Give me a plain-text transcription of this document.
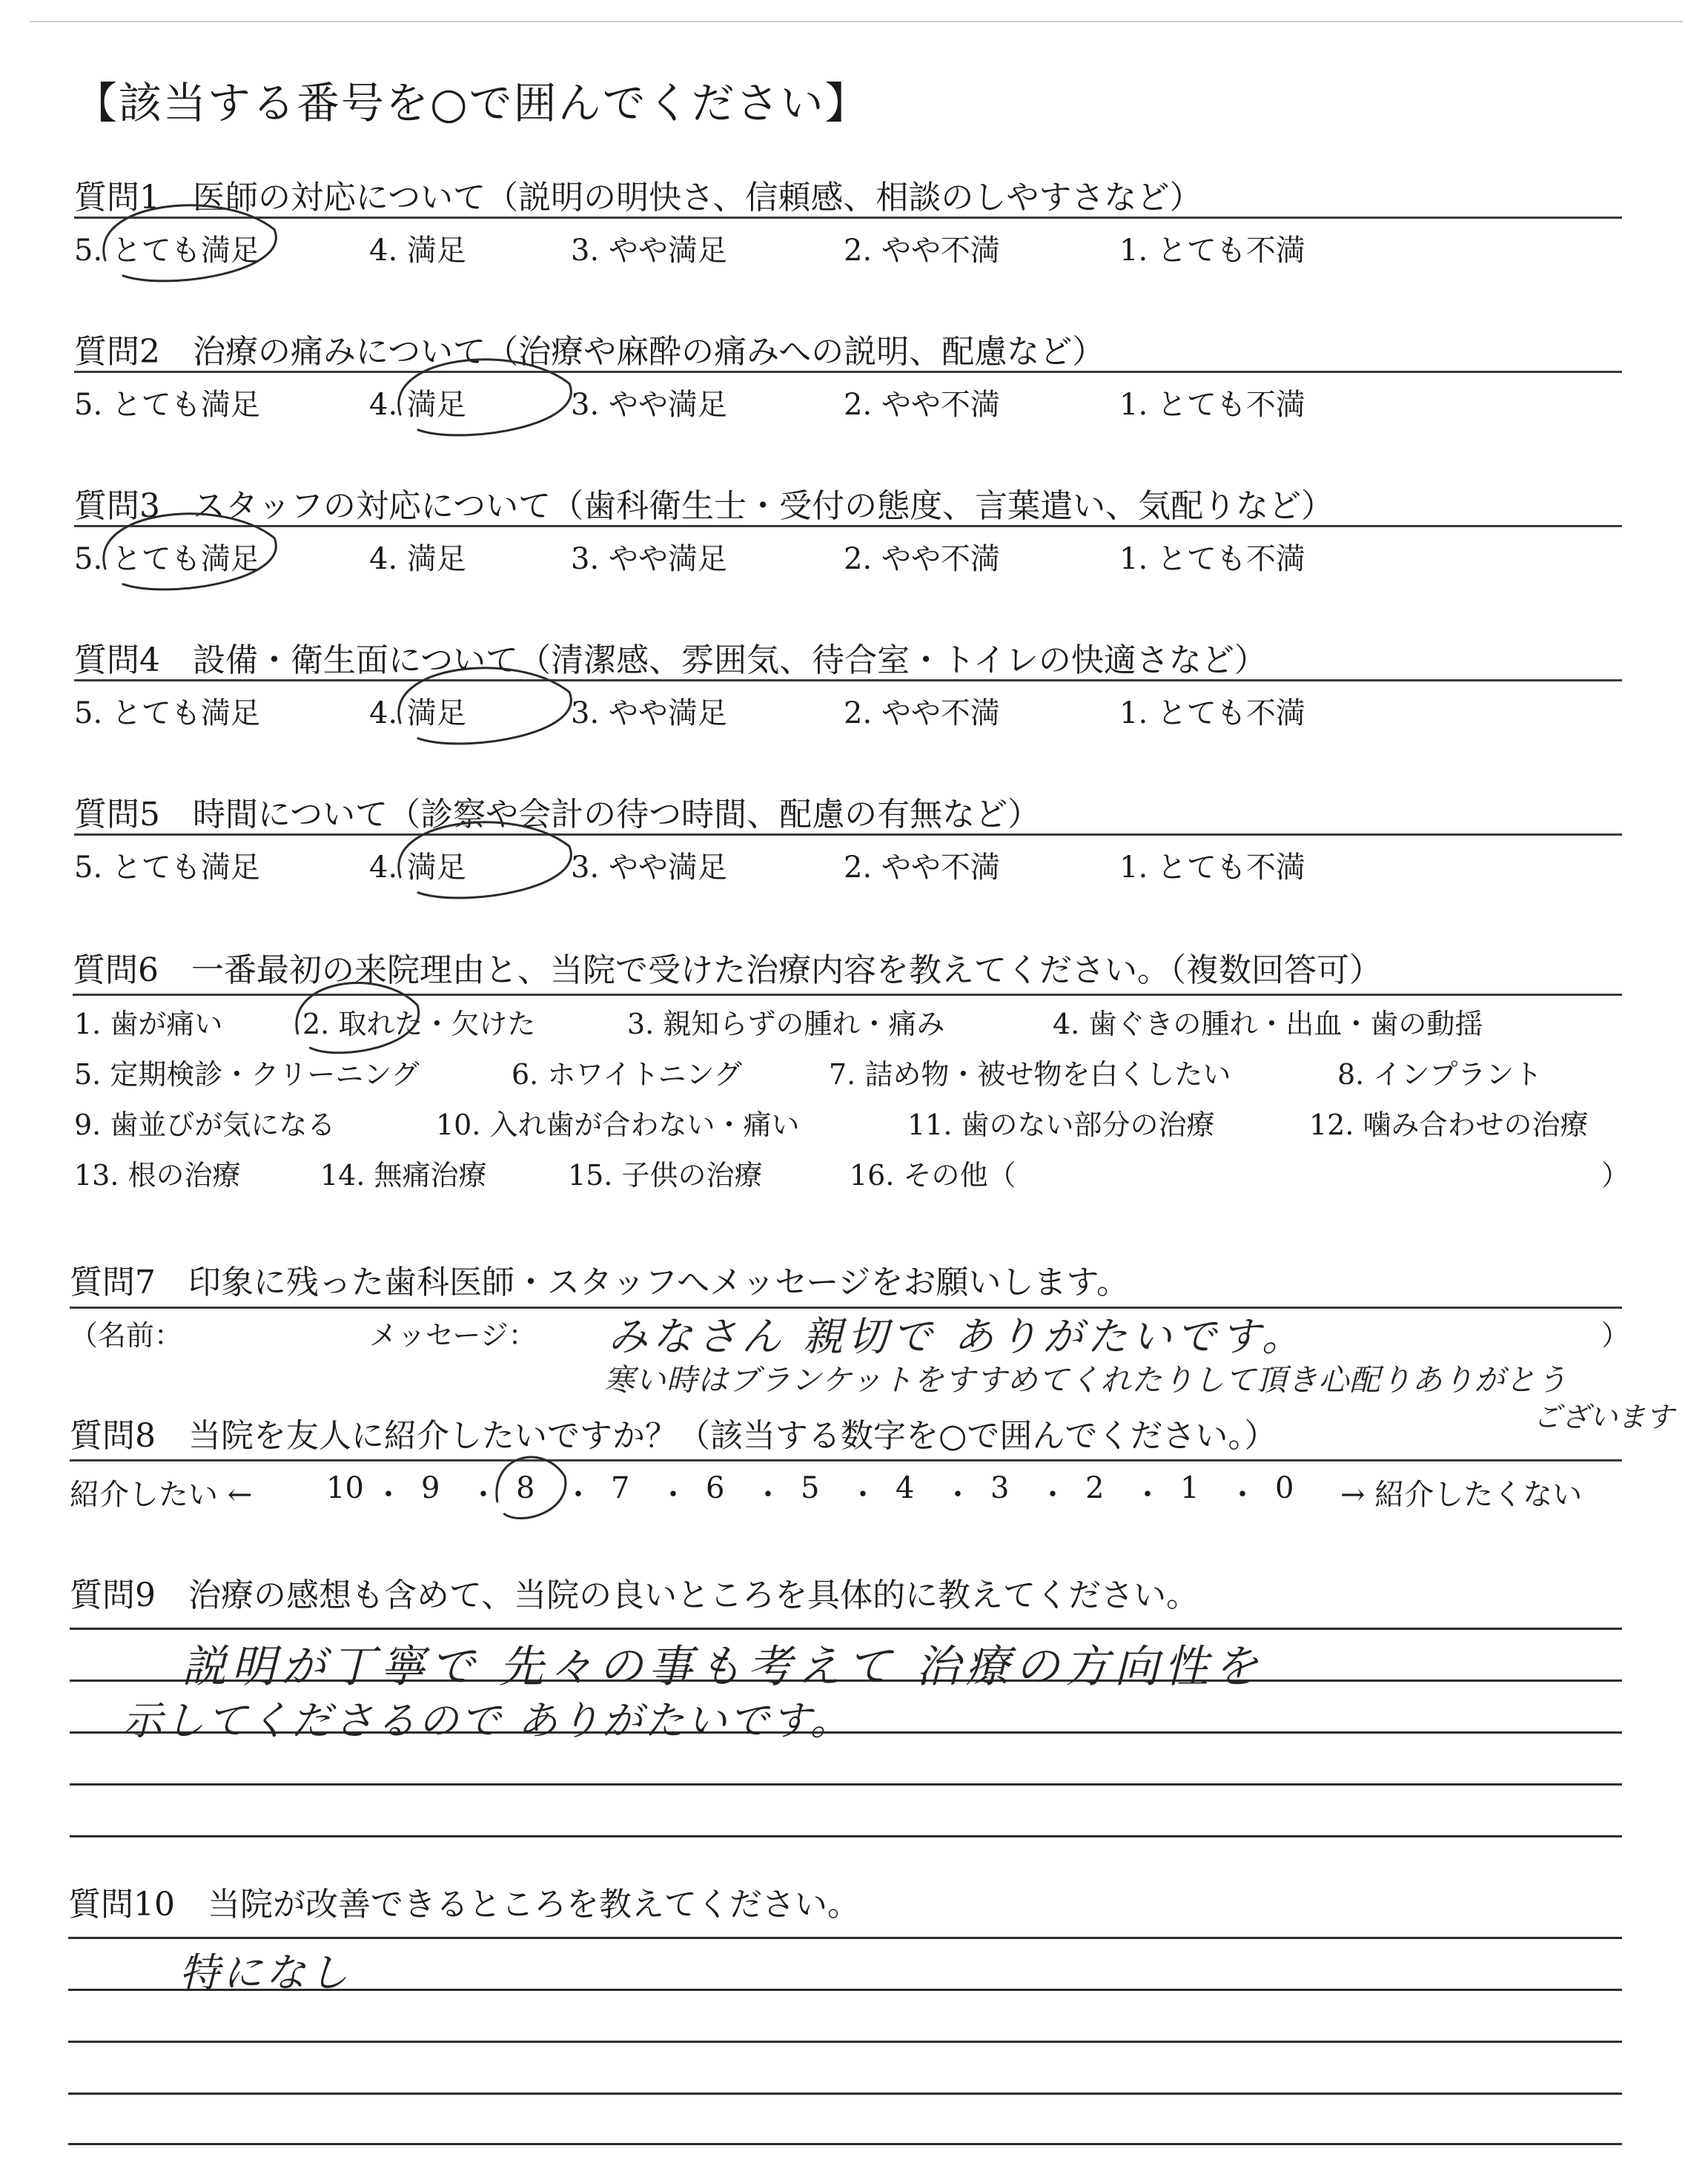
【該当する番号を○で囲んでください】
質問1　医師の対応について（説明の明快さ、信頼感、相談のしやすさなど）
5. とても満足	4. 満足	3. やや満足	2. やや不満	1. とても不満
質問2　治療の痛みについて（治療や麻酔の痛みへの説明、配慮など）
5. とても満足	4. 満足	3. やや満足	2. やや不満	1. とても不満
質問3　スタッフの対応について（歯科衛生士・受付の態度、言葉遣い、気配りなど）
5. とても満足	4. 満足	3. やや満足	2. やや不満	1. とても不満
質問4　設備・衛生面について（清潔感、雰囲気、待合室・トイレの快適さなど）
5. とても満足	4. 満足	3. やや満足	2. やや不満	1. とても不満
質問5　時間について（診察や会計の待つ時間、配慮の有無など）
5. とても満足	4. 満足	3. やや満足	2. やや不満	1. とても不満
質問6　一番最初の来院理由と、当院で受けた治療内容を教えてください。（複数回答可）
1. 歯が痛い	2. 取れた・欠けた	3. 親知らずの腫れ・痛み	4. 歯ぐきの腫れ・出血・歯の動揺
5. 定期検診・クリーニング	6. ホワイトニング	7. 詰め物・被せ物を白くしたい	8. インプラント
9. 歯並びが気になる	10. 入れ歯が合わない・痛い	11. 歯のない部分の治療	12. 噛み合わせの治療
13. 根の治療	14. 無痛治療	15. 子供の治療	16. その他（	）
質問7　印象に残った歯科医師・スタッフへメッセージをお願いします。
（名前：	メッセージ：	）
みなさん 親切で ありがたいです。
寒い時はブランケットをすすめてくれたりして頂き心配りありがとう
ございます
質問8　当院を友人に紹介したいですか？（該当する数字を○で囲んでください。）
紹介したい ← 10 ・ 9 ・ 8 ・ 7 ・ 6 ・ 5 ・ 4 ・ 3 ・ 2 ・ 1 ・ 0 → 紹介したくない
質問9　治療の感想も含めて、当院の良いところを具体的に教えてください。
説明が丁寧で 先々の事も考えて 治療の方向性を
示してくださるので ありがたいです。
質問10　当院が改善できるところを教えてください。
特になし
